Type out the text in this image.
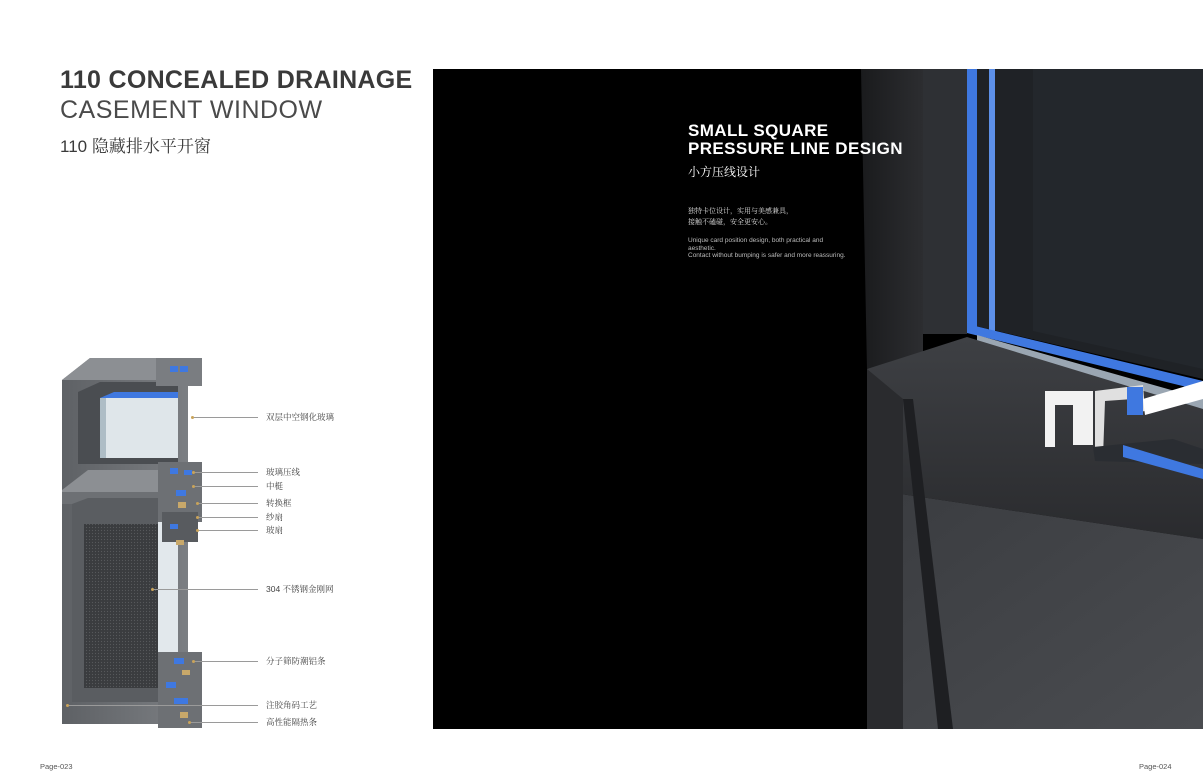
110 CONCEALED DRAINAGE
CASEMENT WINDOW
110 隐藏排水平开窗
双层中空钢化玻璃
玻璃压线
中梃
转换框
纱扇
玻扇
304 不锈钢金刚网
分子筛防潮铝条
注胶角码工艺
高性能隔热条
Page-023	Page-024
SMALL SQUARE
PRESSURE LINE DESIGN
小方压线设计
独特卡位设计，实用与美感兼具，
接触不磕碰，安全更安心。
Unique card position design, both practical and aesthetic.
Contact without bumping is safer and more reassuring.
